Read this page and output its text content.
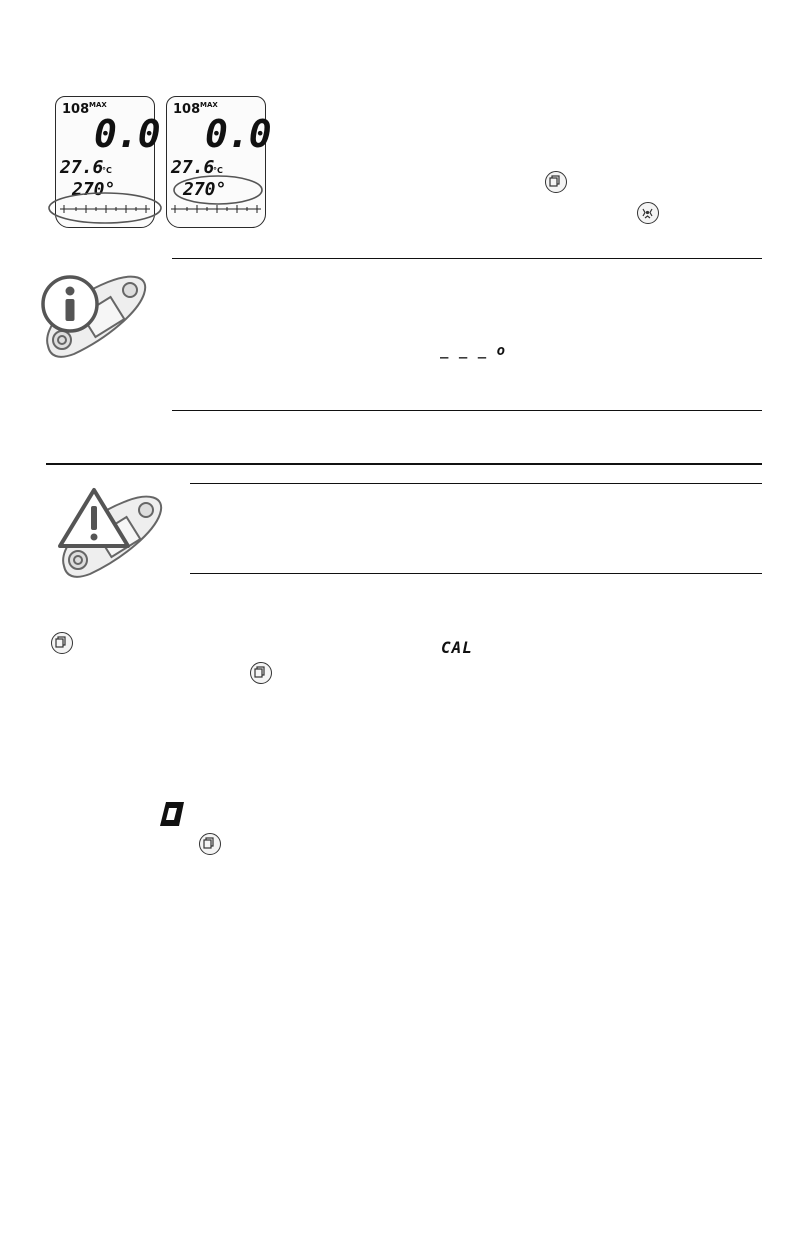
108 MAX
0.0
27.6
°C
270°
108 MAX
0.0
27.6
°C
270°
_ _ _ o
CAL
